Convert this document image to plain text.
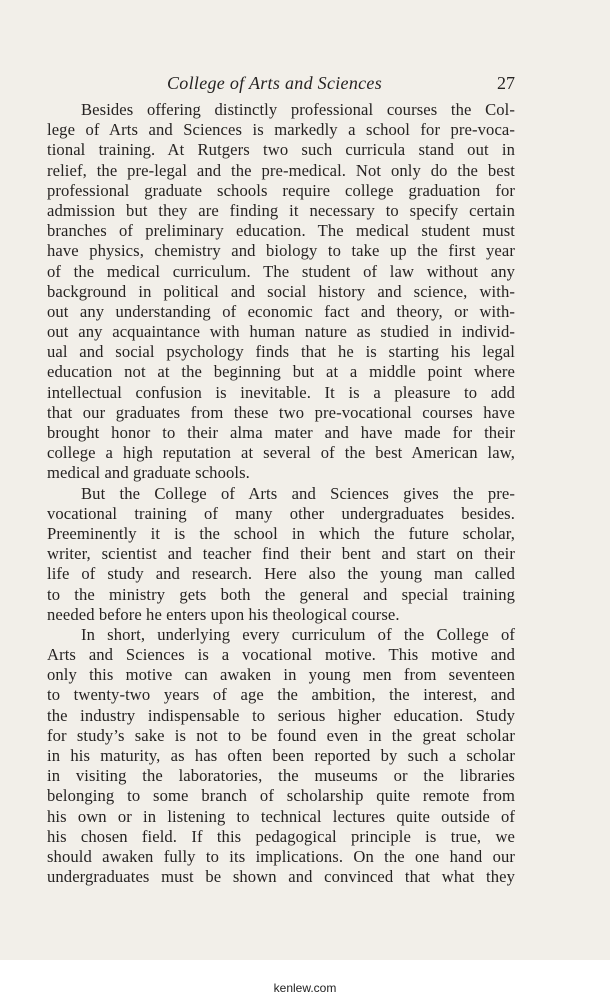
College of Arts and Sciences	27
Besides offering distinctly professional courses the Col-
lege of Arts and Sciences is markedly a school for pre-voca-
tional training. At Rutgers two such curricula stand out in
relief, the pre-legal and the pre-medical. Not only do the best
professional graduate schools require college graduation for
admission but they are finding it necessary to specify certain
branches of preliminary education. The medical student must
have physics, chemistry and biology to take up the first year
of the medical curriculum. The student of law without any
background in political and social history and science, with-
out any understanding of economic fact and theory, or with-
out any acquaintance with human nature as studied in individ-
ual and social psychology finds that he is starting his legal
education not at the beginning but at a middle point where
intellectual confusion is inevitable. It is a pleasure to add
that our graduates from these two pre-vocational courses have
brought honor to their alma mater and have made for their
college a high reputation at several of the best American law,
medical and graduate schools.
But the College of Arts and Sciences gives the pre-
vocational training of many other undergraduates besides.
Preeminently it is the school in which the future scholar,
writer, scientist and teacher find their bent and start on their
life of study and research. Here also the young man called
to the ministry gets both the general and special training
needed before he enters upon his theological course.
In short, underlying every curriculum of the College of
Arts and Sciences is a vocational motive. This motive and
only this motive can awaken in young men from seventeen
to twenty-two years of age the ambition, the interest, and
the industry indispensable to serious higher education. Study
for study’s sake is not to be found even in the great scholar
in his maturity, as has often been reported by such a scholar
in visiting the laboratories, the museums or the libraries
belonging to some branch of scholarship quite remote from
his own or in listening to technical lectures quite outside of
his chosen field. If this pedagogical principle is true, we
should awaken fully to its implications. On the one hand our
undergraduates must be shown and convinced that what they
kenlew.com
